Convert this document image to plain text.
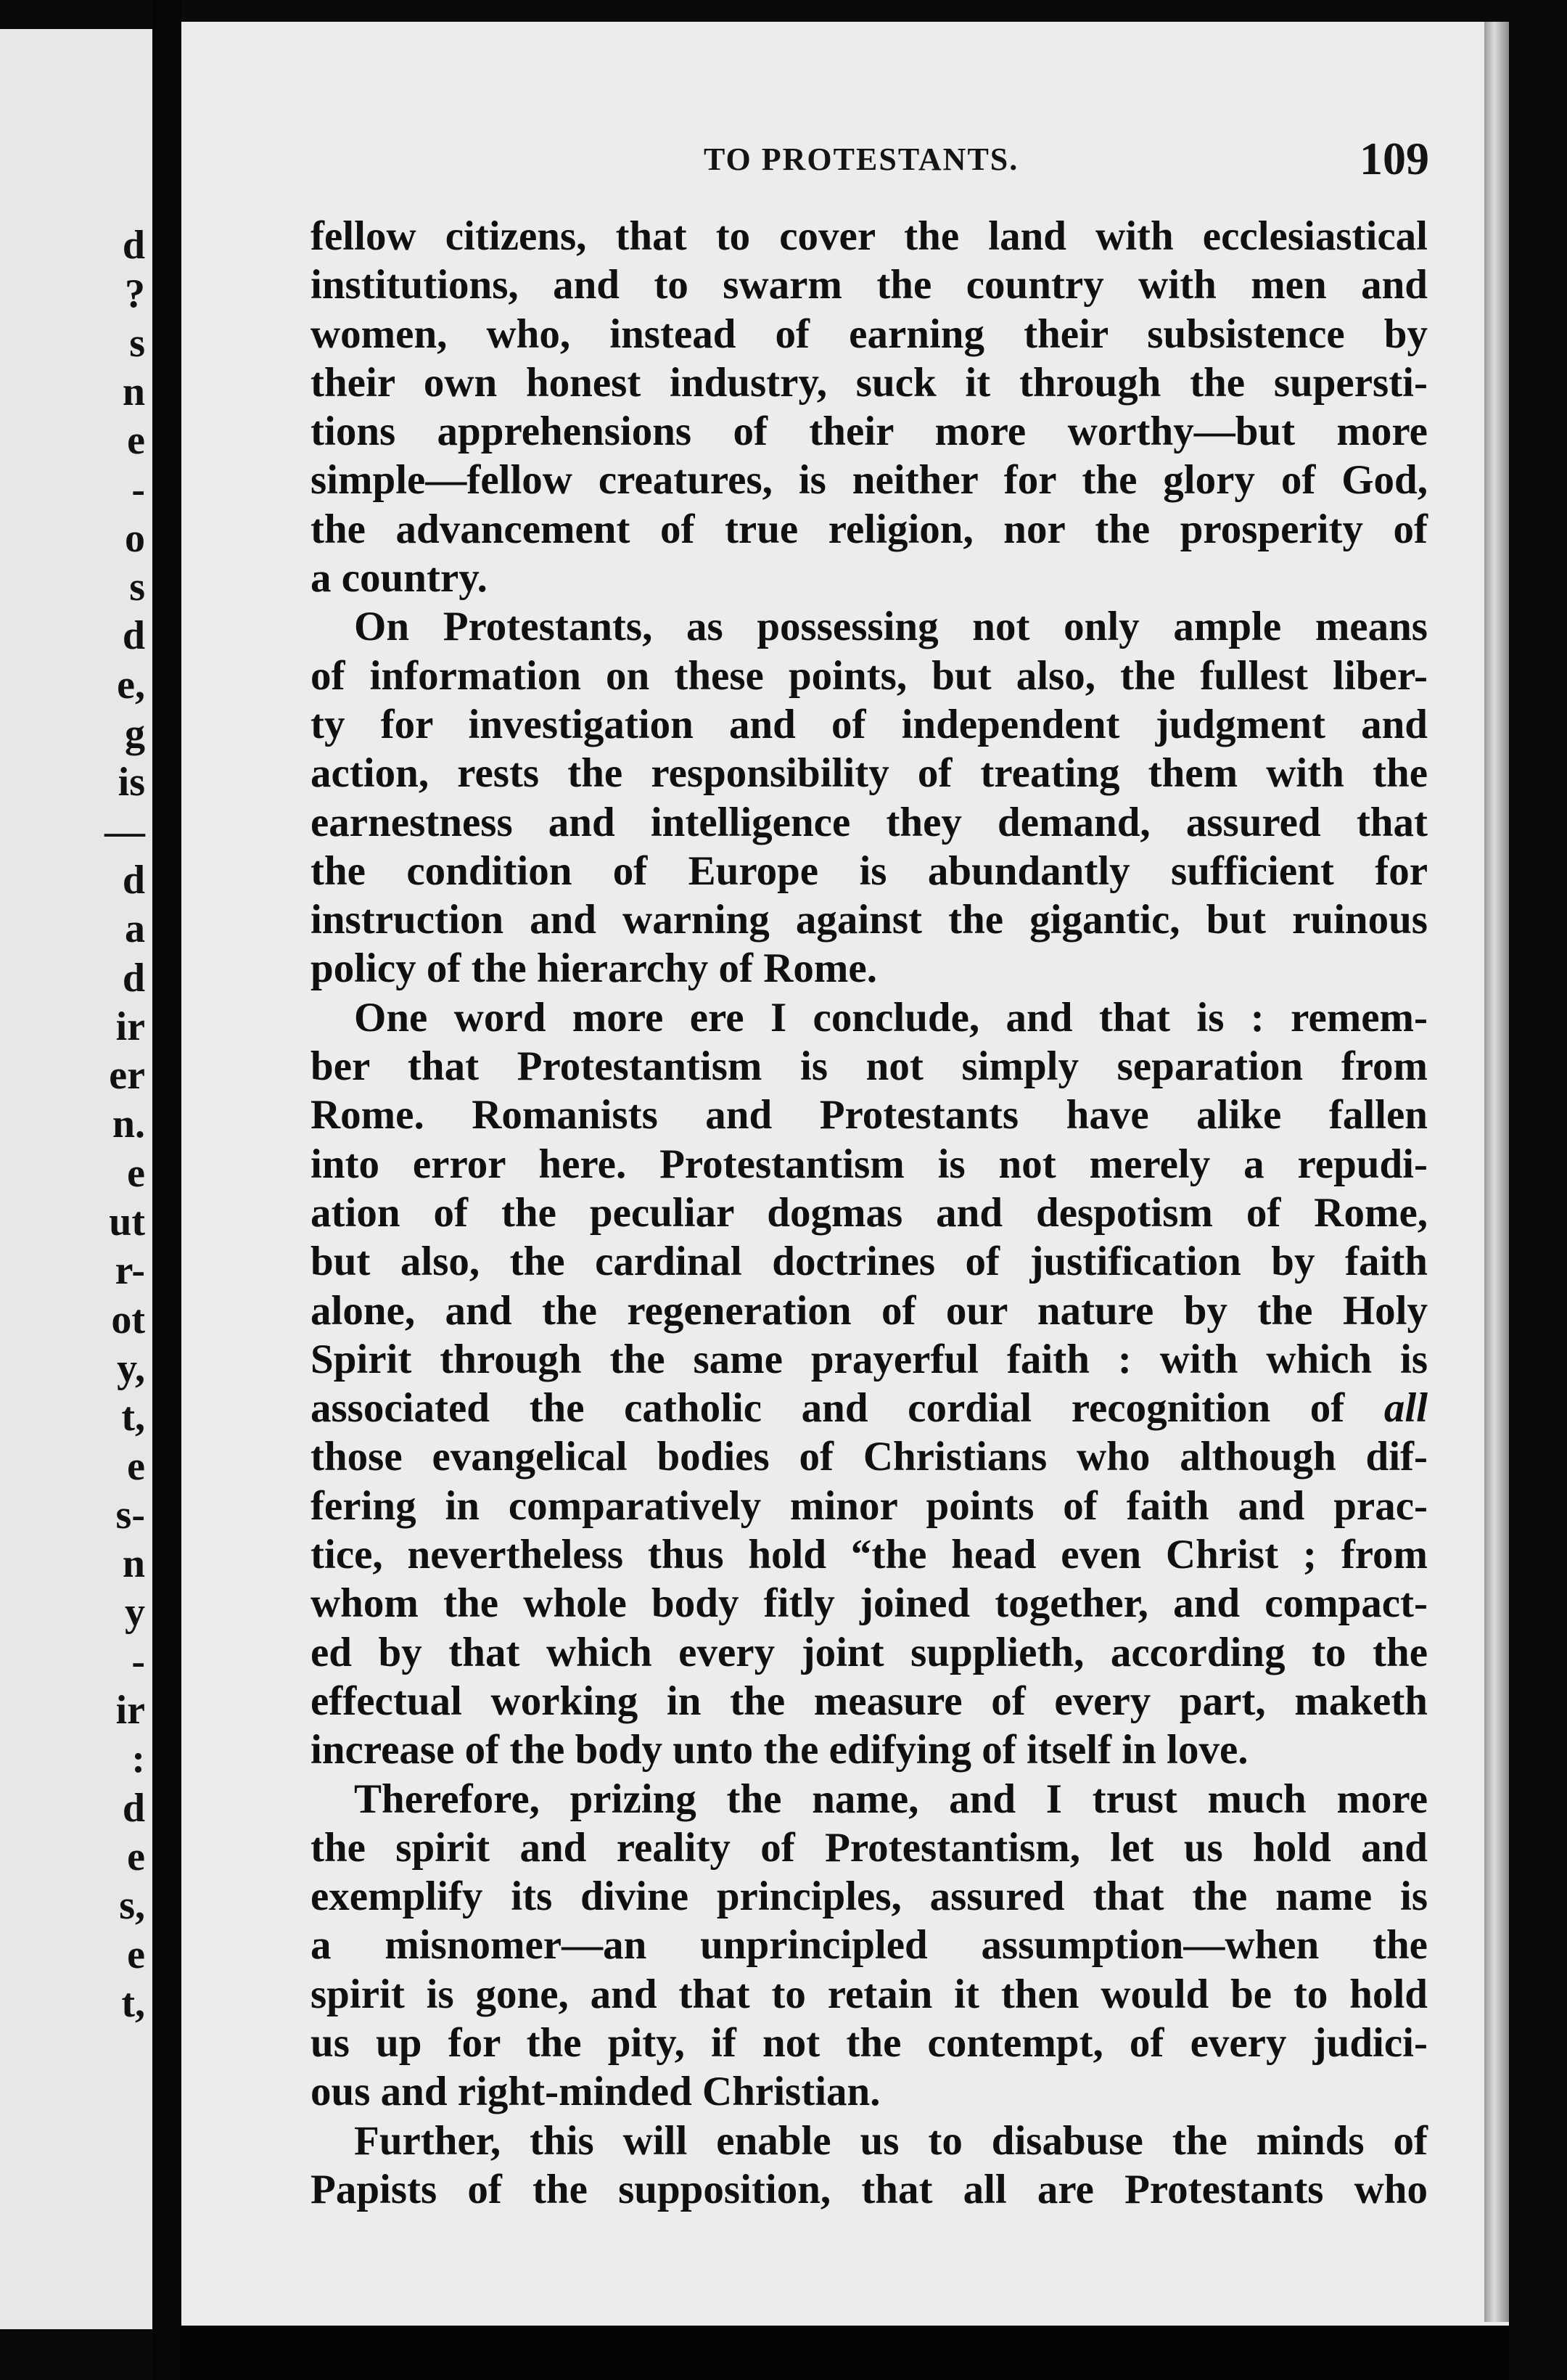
d
?
s
n
e
-
o
s
d
e,
g
is
—
d
a
d
ir
er
n.
e
ut
r-
ot
y,
t,
e
s-
n
y
-
ir
:
d
e
s,
e
t,
TO PROTESTANTS.	109
fellow citizens, that to cover the land with ecclesiastical
institutions, and to swarm the country with men and
women, who, instead of earning their subsistence by
their own honest industry, suck it through the supersti-
tions apprehensions of their more worthy—but more
simple—fellow creatures, is neither for the glory of God,
the advancement of true religion, nor the prosperity of
a country.
On Protestants, as possessing not only ample means
of information on these points, but also, the fullest liber-
ty for investigation and of independent judgment and
action, rests the responsibility of treating them with the
earnestness and intelligence they demand, assured that
the condition of Europe is abundantly sufficient for
instruction and warning against the gigantic, but ruinous
policy of the hierarchy of Rome.
One word more ere I conclude, and that is : remem-
ber that Protestantism is not simply separation from
Rome. Romanists and Protestants have alike fallen
into error here. Protestantism is not merely a repudi-
ation of the peculiar dogmas and despotism of Rome,
but also, the cardinal doctrines of justification by faith
alone, and the regeneration of our nature by the Holy
Spirit through the same prayerful faith : with which is
associated the catholic and cordial recognition of all
those evangelical bodies of Christians who although dif-
fering in comparatively minor points of faith and prac-
tice, nevertheless thus hold “the head even Christ ; from
whom the whole body fitly joined together, and compact-
ed by that which every joint supplieth, according to the
effectual working in the measure of every part, maketh
increase of the body unto the edifying of itself in love.
Therefore, prizing the name, and I trust much more
the spirit and reality of Protestantism, let us hold and
exemplify its divine principles, assured that the name is
a misnomer—an unprincipled assumption—when the
spirit is gone, and that to retain it then would be to hold
us up for the pity, if not the contempt, of every judici-
ous and right-minded Christian.
Further, this will enable us to disabuse the minds of
Papists of the supposition, that all are Protestants who
